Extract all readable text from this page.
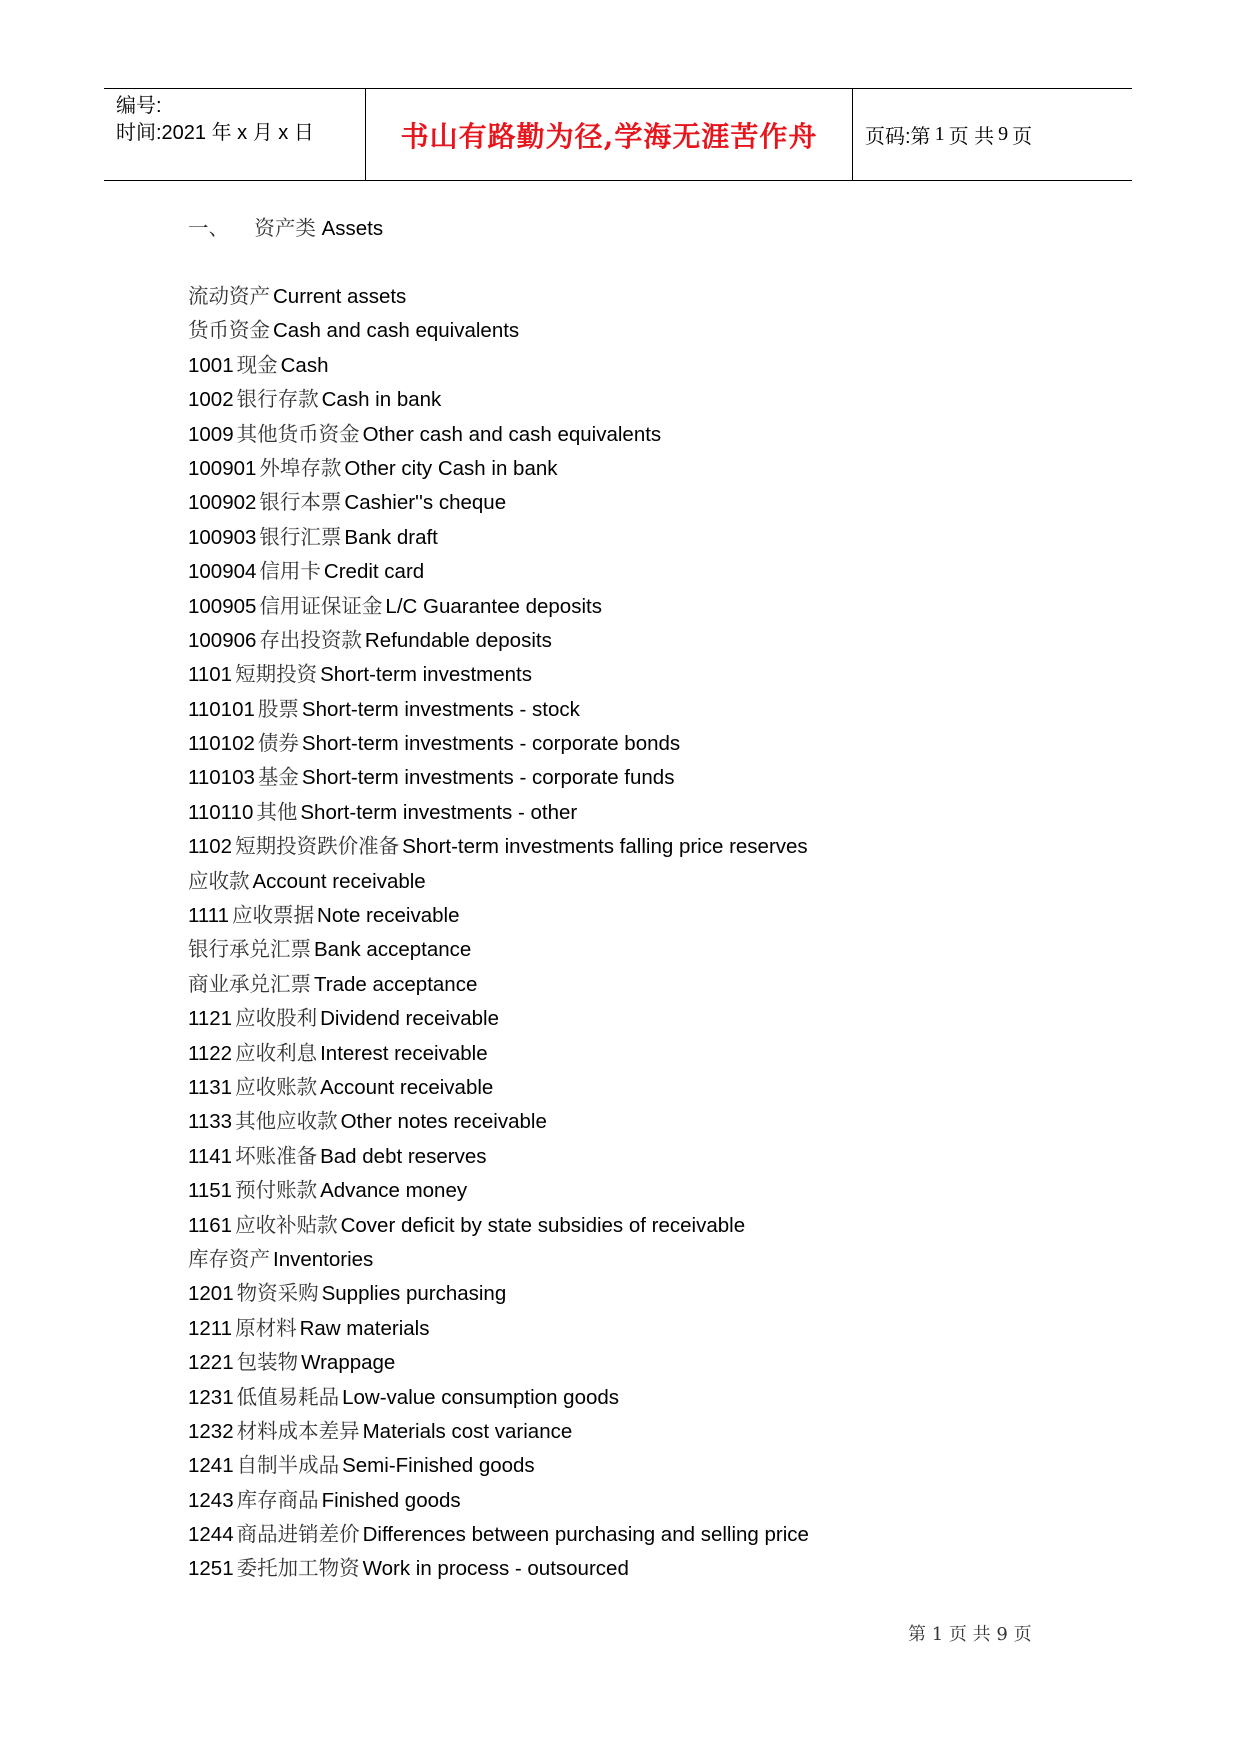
编号:
时间:2021 年 x 月 x 日	书山有路勤为径,学海无涯苦作舟 页码:第 1 页 共 9 页
一、 资产类 Assets
流动资产 Current assets
货币资金 Cash and cash equivalents
1001 现金 Cash
1002 银行存款 Cash in bank
1009 其他货币资金 Other cash and cash equivalents
100901 外埠存款 Other city Cash in bank
100902 银行本票 Cashier''s cheque
100903 银行汇票 Bank draft
100904 信用卡 Credit card
100905 信用证保证金 L/C Guarantee deposits
100906 存出投资款 Refundable deposits
1101 短期投资 Short-term investments
110101 股票 Short-term investments - stock
110102 债券 Short-term investments - corporate bonds
110103 基金 Short-term investments - corporate funds
110110 其他 Short-term investments - other
1102 短期投资跌价准备 Short-term investments falling price reserves
应收款 Account receivable
1111 应收票据 Note receivable
银行承兑汇票 Bank acceptance
商业承兑汇票 Trade acceptance
1121 应收股利 Dividend receivable
1122 应收利息 Interest receivable
1131 应收账款 Account receivable
1133 其他应收款 Other notes receivable
1141 坏账准备 Bad debt reserves
1151 预付账款 Advance money
1161 应收补贴款 Cover deficit by state subsidies of receivable
库存资产 Inventories
1201 物资采购 Supplies purchasing
1211 原材料 Raw materials
1221 包装物 Wrappage
1231 低值易耗品 Low-value consumption goods
1232 材料成本差异 Materials cost variance
1241 自制半成品 Semi-Finished goods
1243 库存商品 Finished goods
1244 商品进销差价 Differences between purchasing and selling price
1251 委托加工物资 Work in process - outsourced
第 1 页 共 9 页
